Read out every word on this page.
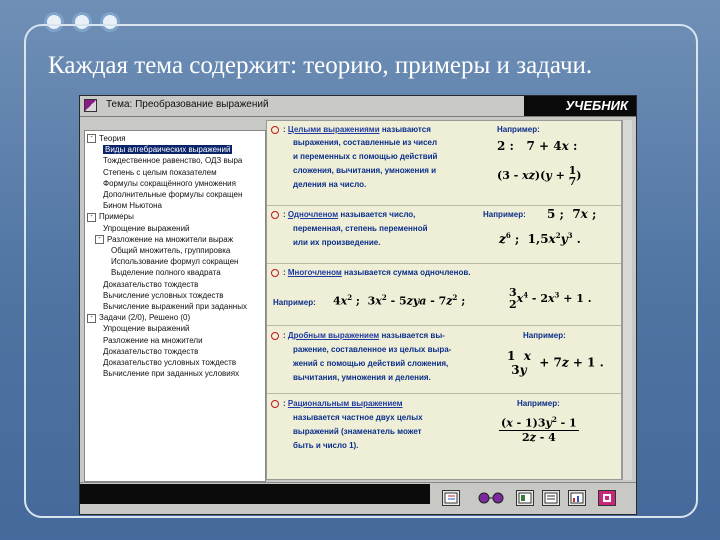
Каждая тема содержит: теорию, примеры и задачи.
Тема: Преобразование выражений	УЧЕБНИК
- Теория
Виды алгебраических выражений
Тождественное равенство, ОДЗ выра
Степень с целым показателем
Формулы сокращённого умножения
Дополнительные формулы сокращен
Бином Ньютона
- Примеры
Упрощение выражений
- Разложение на множители выраж
Общий множитель, группировка
Использование формул сокращен
Выделение полного квадрата
Доказательство тождеств
Вычисление условных тождеств
Вычисление выражений при заданных
- Задачи (2/0), Решено (0)
Упрощение выражений
Разложение на множители
Доказательство тождеств
Доказательство условных тождеств
Вычисление при заданных условиях
: Целыми выражениями называются
выражения, составленные из чисел
и переменных с помощью действий
сложения, вычитания, умножения и
деления на число.
Например:
2 :   7 + 4x :
(3 - xz)(y + 1
7)
: Одночленом называется число,
переменная, степень переменной
или их произведение.
Например: 5 ;  7x ;
$z^6$ ;  $1,5x^2y^3$ .
: Многочленом называется сумма одночленов.
Например: $4x^2$ ;  $3x^2 - 5zya - 7z^2$ ;
3
$2x^4 - 2x^3 + 1$ .
: Дробным выражением называется вы-
ражение, составленное из целых выра-
жений с помощью действий сложения,
вычитания, умножения и деления.
Например:
1  x
3y  + 7z + 1 .
: Рациональным выражением
называется частное двух целых
выражений (знаменатель может
быть и число 1).
Например:
$(x - 1)3y^2 - 1$
2z - 4
